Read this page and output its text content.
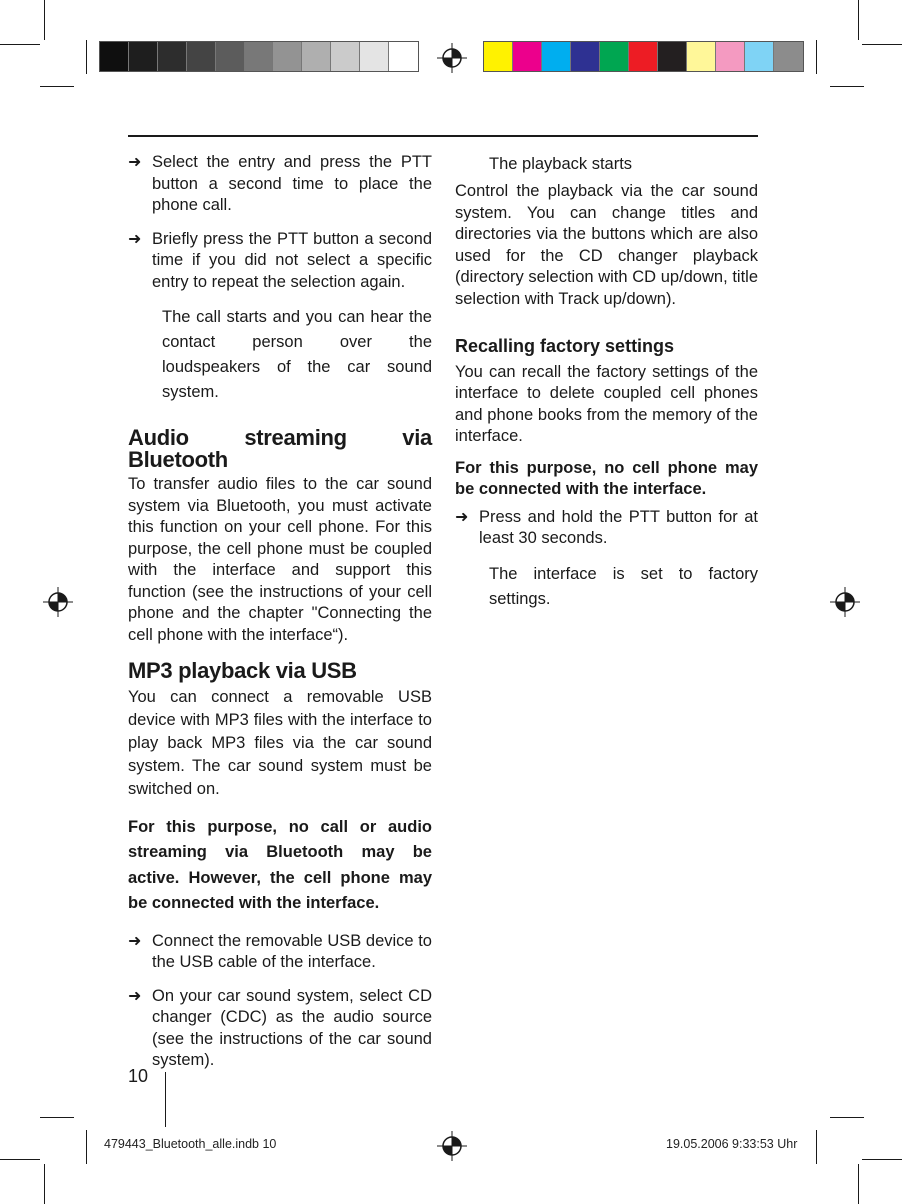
➜ Select the entry and press the PTT button a second time to place the phone call.

➜ Briefly press the PTT button a second time if you did not select a specific entry to repeat the selection again.

The call starts and you can hear the contact person over the loudspeakers of the car sound system.

Audio streaming via Bluetooth

To transfer audio files to the car sound system via Bluetooth, you must activate this function on your cell phone. For this purpose, the cell phone must be coupled with the interface and support this function (see the instructions of your cell phone and the chapter "Connecting the cell phone with the interface“).

MP3 playback via USB

You can connect a removable USB device with MP3 files with the interface to play back MP3 files via the car sound system. The car sound system must be switched on.

For this purpose, no call or audio streaming via Bluetooth may be active. However, the cell phone may be connected with the interface.

➜ Connect the removable USB device to the USB cable of the interface.

➜ On your car sound system, select CD changer (CDC) as the audio source (see the instructions of the car sound system).

The playback starts

Control the playback via the car sound system. You can change titles and directories via the buttons which are also used for the CD changer playback (directory selection with CD up/down, title selection with Track up/down).

Recalling factory settings

You can recall the factory settings of the interface to delete coupled cell phones and phone books from the memory of the interface.

For this purpose, no cell phone may be connected with the interface.

➜ Press and hold the PTT button for at least 30 seconds.

The interface is set to factory settings.

10
479443_Bluetooth_alle.indb 10	19.05.2006 9:33:53 Uhr
